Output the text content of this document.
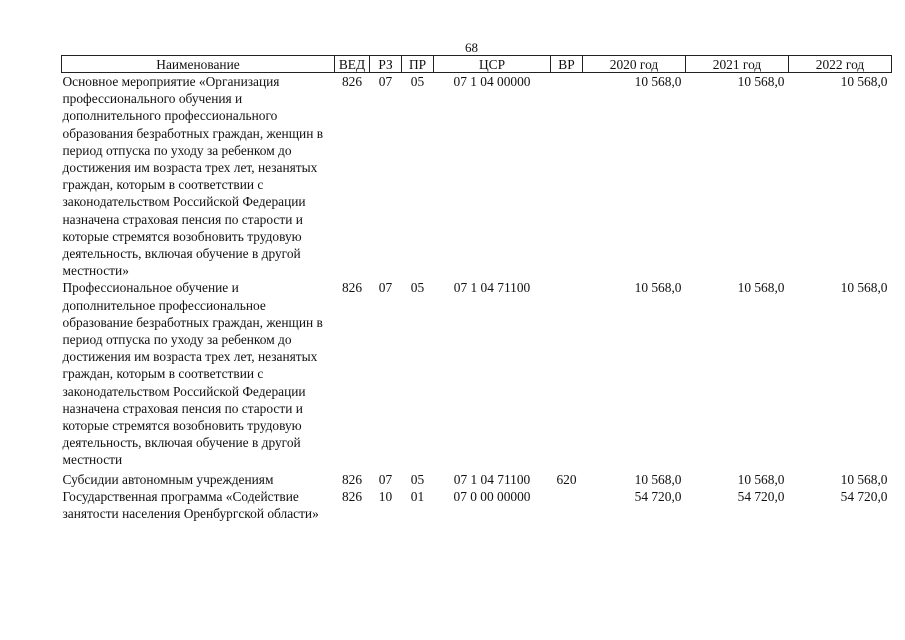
68
Наименование	ВЕД	РЗ	ПР	ЦСР	ВР	2020 год	2021 год	2022 год
Основное мероприятие «Организация профессионального обучения и дополнительного профессионального образования безработных граждан, женщин в период отпуска по уходу за ребенком до достижения им возраста трех лет, незанятых граждан, которым в соответствии с законодательством Российской Федерации назначена страховая пенсия по старости и которые стремятся возобновить трудовую деятельность, включая обучение в другой местности»	826	07	05	07 1 04 00000		10 568,0	10 568,0	10 568,0
Профессиональное обучение и дополнительное профессиональное образование безработных граждан, женщин в период отпуска по уходу за ребенком до достижения им возраста трех лет, незанятых граждан, которым в соответствии с законодательством Российской Федерации назначена страховая пенсия по старости и которые стремятся возобновить трудовую деятельность, включая обучение в другой местности	826	07	05	07 1 04 71100		10 568,0	10 568,0	10 568,0
Субсидии автономным учреждениям	826	07	05	07 1 04 71100	620	10 568,0	10 568,0	10 568,0
Государственная программа «Содействие занятости населения Оренбургской области»	826	10	01	07 0 00 00000		54 720,0	54 720,0	54 720,0
